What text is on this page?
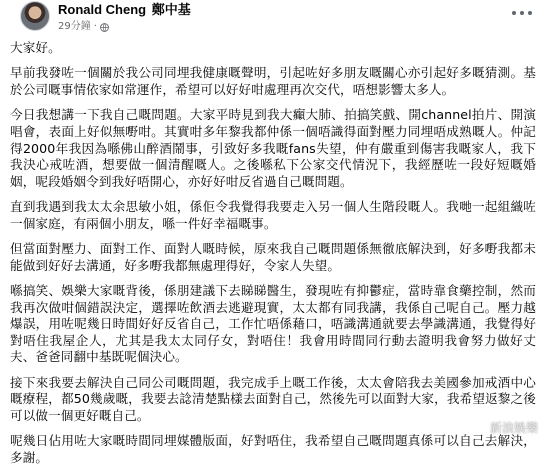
Ronald Cheng 鄭中基
29分鐘 ·

大家好。

早前我發咗一個關於我公司同埋我健康嘅聲明，引起咗好多朋友嘅關心亦引起好多嘅猜測。基於公司嘅事情依家如常運作，希望可以好好咁處理再次交代，唔想影響太多人。

今日我想講一下我自己嘅問題。大家平時見到我大癲大肺、拍搞笑戲、開channel拍片、開演唱會，表面上好似無嘢咁。其實咁多年黎我都仲係一個唔識得面對壓力同埋唔成熟嘅人。仲記得2000年我因為喺佛山醉酒鬧事，引致好多我嘅fans失望，仲有嚴重到傷害我嘅家人，我下我決心戒咗酒，想要做一個清醒嘅人。之後喺私下公家交代情況下，我經歷咗一段好短嘅婚姻，呢段婚姻令到我好唔開心，亦好好咁反省過自己嘅問題。

直到我遇到我太太余思敏小姐，係佢令我覺得我要走入另一個人生階段嘅人。我哋一起組織咗一個家庭，有兩個小朋友，喺一件好幸福嘅事。

但當面對壓力、面對工作、面對人嘅時候，原來我自己嘅問題係無徹底解決到，好多嘢我都未能做到好好去溝通，好多嘢我都無處理得好，令家人失望。

喺搞笑、娛樂大家嘅背後，係朋建議下去睇睇醫生，發現咗有抑鬱症，當時靠食藥控制，然而我再次做咁個錯誤決定，選擇咗飲酒去逃避現實，太太都有同我講，我係自己呢自己。壓力越爆誤，用咗呢幾日時間好好反省自己，工作忙唔係藉口，唔識溝通就要去學識溝通，我覺得好對唔住我屋企人，尤其是我太太同仔女，對唔住！我會用時間同行動去證明我會努力做好丈夫、爸爸同翻中基既呢個決心。

接下來我要去解決自己同公司嘅問題，我完成手上嘅工作後，太太會陪我去美國參加戒酒中心嘅療程，都50幾歲嘅，我要去諗清楚點樣去面對自己，然後先可以面對大家，我希望返黎之後可以做一個更好嘅自己。

呢幾日佔用咗大家嘅時間同埋媒體版面，好對唔住，我希望自己嘅問題真係可以自己去解決，多謝。

新浪娛樂
